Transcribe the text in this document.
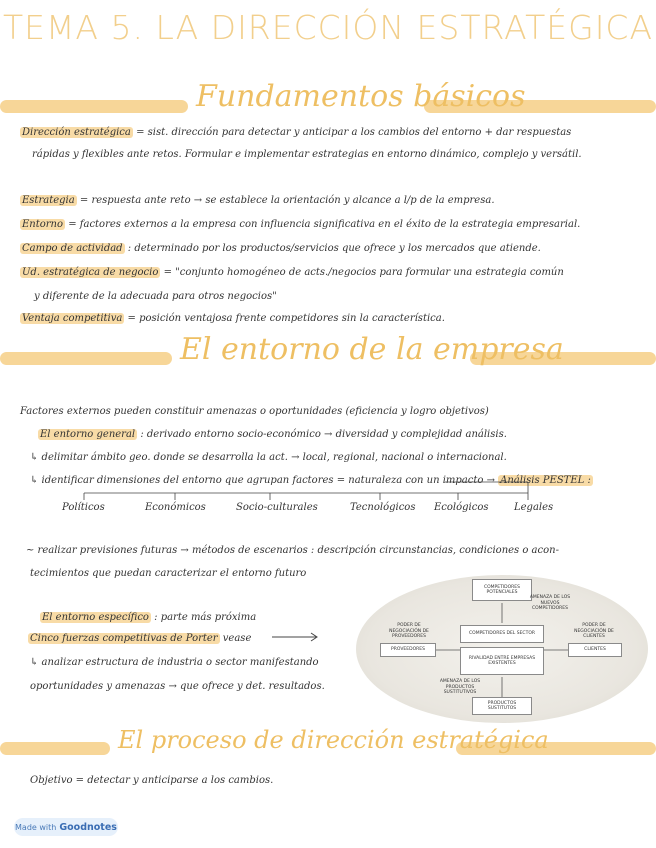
TEMA 5. LA DIRECCIÓN ESTRATÉGICA
Fundamentos básicos
Dirección estratégica = sist. dirección para detectar y anticipar a los cambios del entorno + dar respuestas
rápidas y flexibles ante retos. Formular e implementar estrategias en entorno dinámico, complejo y versátil.
Estrategia = respuesta ante reto → se establece la orientación y alcance a l/p de la empresa.
Entorno = factores externos a la empresa con influencia significativa en el éxito de la estrategia empresarial.
Campo de actividad : determinado por los productos/servicios que ofrece y los mercados que atiende.
Ud. estratégica de negocio = "conjunto homogéneo de acts./negocios para formular una estrategia común
y diferente de la adecuada para otros negocios"
Ventaja competitiva = posición ventajosa frente competidores sin la característica.
El entorno de la empresa
Factores externos pueden constituir amenazas o oportunidades (eficiencia y logro objetivos)
El entorno general : derivado entorno socio-económico → diversidad y complejidad análisis.
↳ delimitar ámbito geo. donde se desarrolla la act. → local, regional, nacional o internacional.
↳ identificar dimensiones del entorno que agrupan factores = naturaleza con un impacto → Análisis PESTEL :
Políticos	Económicos	Socio-culturales	Tecnológicos Ecológicos	Legales
~ realizar previsiones futuras → métodos de escenarios : descripción circunstancias, condiciones o acon-
tecimientos que puedan caracterizar el entorno futuro
El entorno específico : parte más próxima
Cinco fuerzas competitivas de Porter vease
↳ analizar estructura de industria o sector manifestando
oportunidades y amenazas → que ofrece y det. resultados.
COMPETIDORES POTENCIALES
AMENAZA DE LOS NUEVOS COMPETIDORES
PODER DE NEGOCIACIÓN DE PROVEEDORES
PROVEEDORES
COMPETIDORES DEL SECTOR
RIVALIDAD ENTRE EMPRESAS EXISTENTES
PODER DE NEGOCIACIÓN DE CLIENTES
CLIENTES
AMENAZA DE LOS PRODUCTOS SUSTITUTIVOS
PRODUCTOS SUSTITUTOS
El proceso de dirección estratégica
Objetivo = detectar y anticiparse a los cambios.
Made with Goodnotes
